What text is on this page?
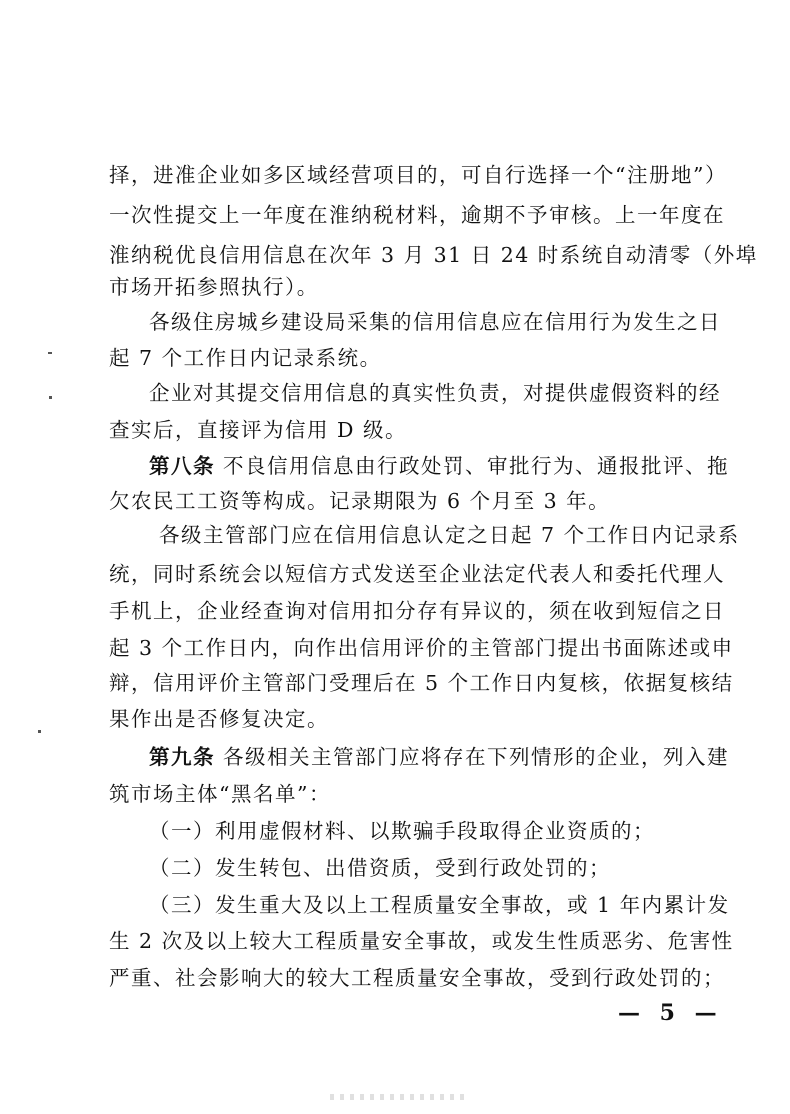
择，进准企业如多区域经营项目的，可自行选择一个“注册地”）
一次性提交上一年度在淮纳税材料，逾期不予审核。上一年度在
淮纳税优良信用信息在次年 3 月 31 日 24 时系统自动清零（外埠
市场开拓参照执行）。
各级住房城乡建设局采集的信用信息应在信用行为发生之日
起 7 个工作日内记录系统。
企业对其提交信用信息的真实性负责，对提供虚假资料的经
查实后，直接评为信用 D 级。
第八条 不良信用信息由行政处罚、审批行为、通报批评、拖
欠农民工工资等构成。记录期限为 6 个月至 3 年。
各级主管部门应在信用信息认定之日起 7 个工作日内记录系
统，同时系统会以短信方式发送至企业法定代表人和委托代理人
手机上，企业经查询对信用扣分存有异议的，须在收到短信之日
起 3 个工作日内，向作出信用评价的主管部门提出书面陈述或申
辩，信用评价主管部门受理后在 5 个工作日内复核，依据复核结
果作出是否修复决定。
第九条 各级相关主管部门应将存在下列情形的企业，列入建
筑市场主体“黑名单”：
（一）利用虚假材料、以欺骗手段取得企业资质的；
（二）发生转包、出借资质，受到行政处罚的；
（三）发生重大及以上工程质量安全事故，或 1 年内累计发
生 2 次及以上较大工程质量安全事故，或发生性质恶劣、危害性
严重、社会影响大的较大工程质量安全事故，受到行政处罚的；
— 5 —
